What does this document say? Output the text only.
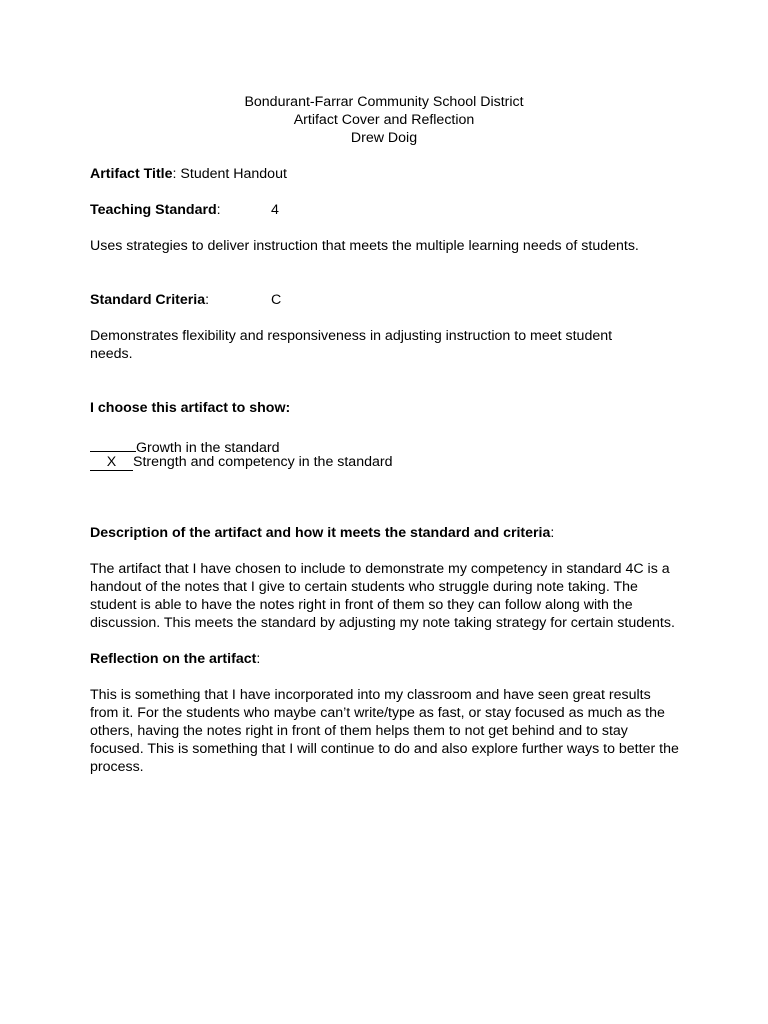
Bondurant-Farrar Community School District
Artifact Cover and Reflection
Drew Doig
Artifact Title: Student Handout
Teaching Standard:	4
Uses strategies to deliver instruction that meets the multiple learning needs of students.
Standard Criteria:	C
Demonstrates flexibility and responsiveness in adjusting instruction to meet student needs.
I choose this artifact to show:
Growth in the standard
X Strength and competency in the standard
Description of the artifact and how it meets the standard and criteria:
The artifact that I have chosen to include to demonstrate my competency in standard 4C is a handout of the notes that I give to certain students who struggle during note taking. The student is able to have the notes right in front of them so they can follow along with the discussion. This meets the standard by adjusting my note taking strategy for certain students.
Reflection on the artifact:
This is something that I have incorporated into my classroom and have seen great results from it. For the students who maybe can’t write/type as fast, or stay focused as much as the others, having the notes right in front of them helps them to not get behind and to stay focused. This is something that I will continue to do and also explore further ways to better the process.
